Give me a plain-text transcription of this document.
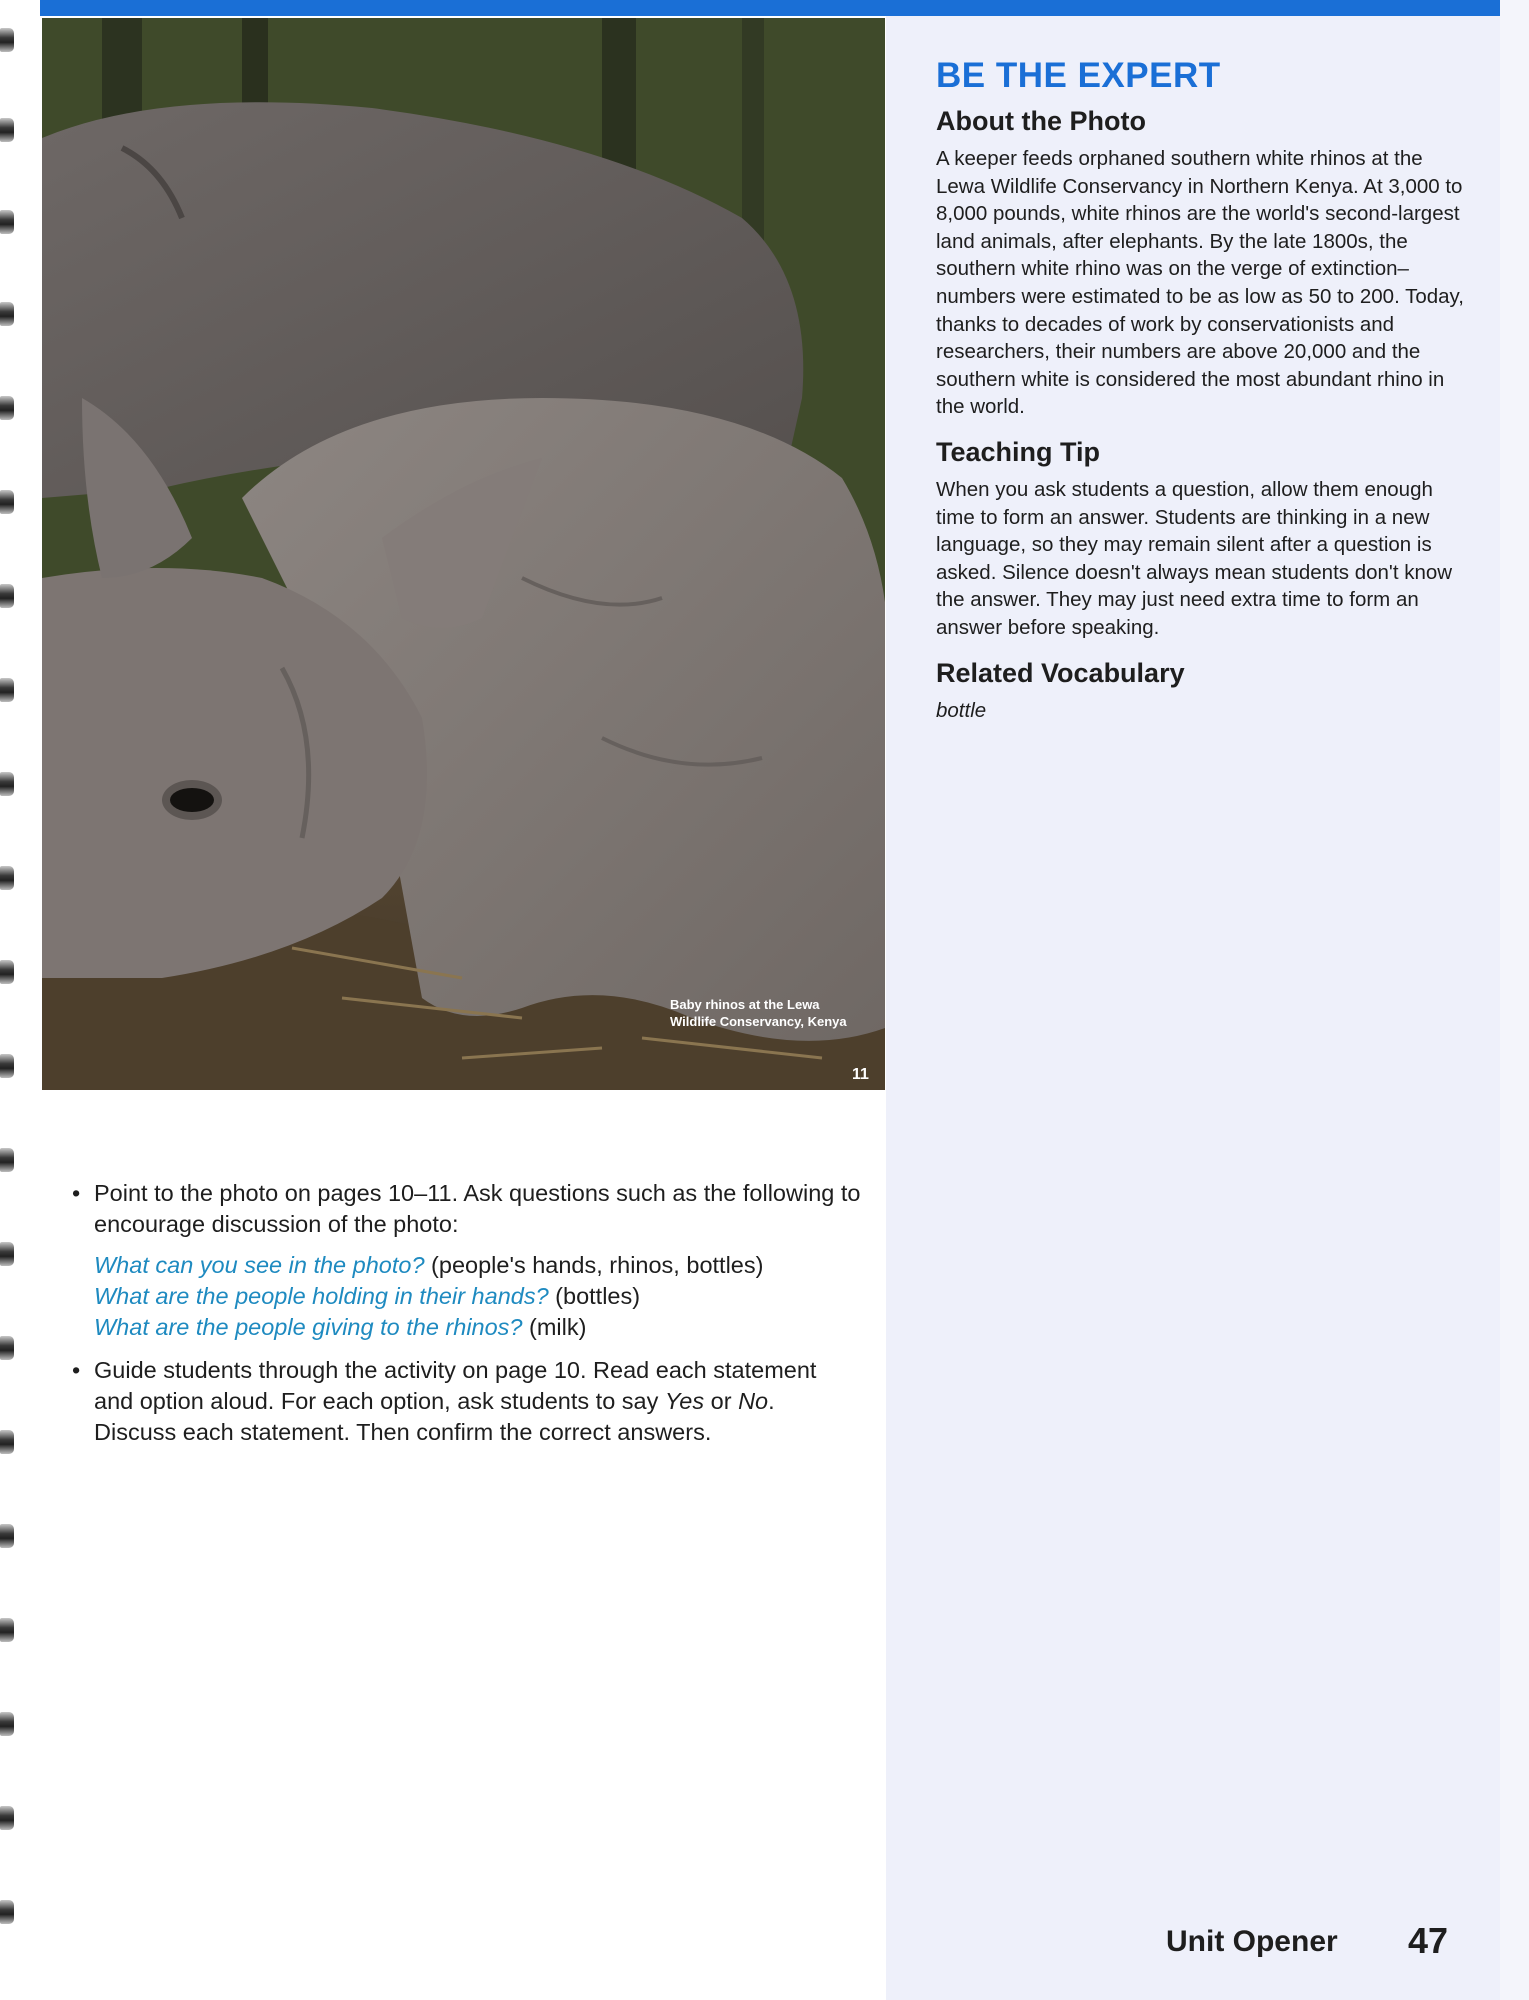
Baby rhinos at the Lewa
Wildlife Conservancy, Kenya
11
BE THE EXPERT
About the Photo
A keeper feeds orphaned southern white rhinos at the Lewa Wildlife Conservancy in Northern Kenya. At 3,000 to 8,000 pounds, white rhinos are the world's second-largest land animals, after elephants. By the late 1800s, the southern white rhino was on the verge of extinction–numbers were estimated to be as low as 50 to 200. Today, thanks to decades of work by conservationists and researchers, their numbers are above 20,000 and the southern white is considered the most abundant rhino in the world.
Teaching Tip
When you ask students a question, allow them enough time to form an answer. Students are thinking in a new language, so they may remain silent after a question is asked. Silence doesn't always mean students don't know the answer. They may just need extra time to form an answer before speaking.
Related Vocabulary
bottle
• Point to the photo on pages 10–11. Ask questions such as the following to encourage discussion of the photo:

What can you see in the photo? (people's hands, rhinos, bottles)

What are the people holding in their hands? (bottles)

What are the people giving to the rhinos? (milk)

• Guide students through the activity on page 10. Read each statement and option aloud. For each option, ask students to say Yes or No. Discuss each statement. Then confirm the correct answers.
Unit Opener 47
